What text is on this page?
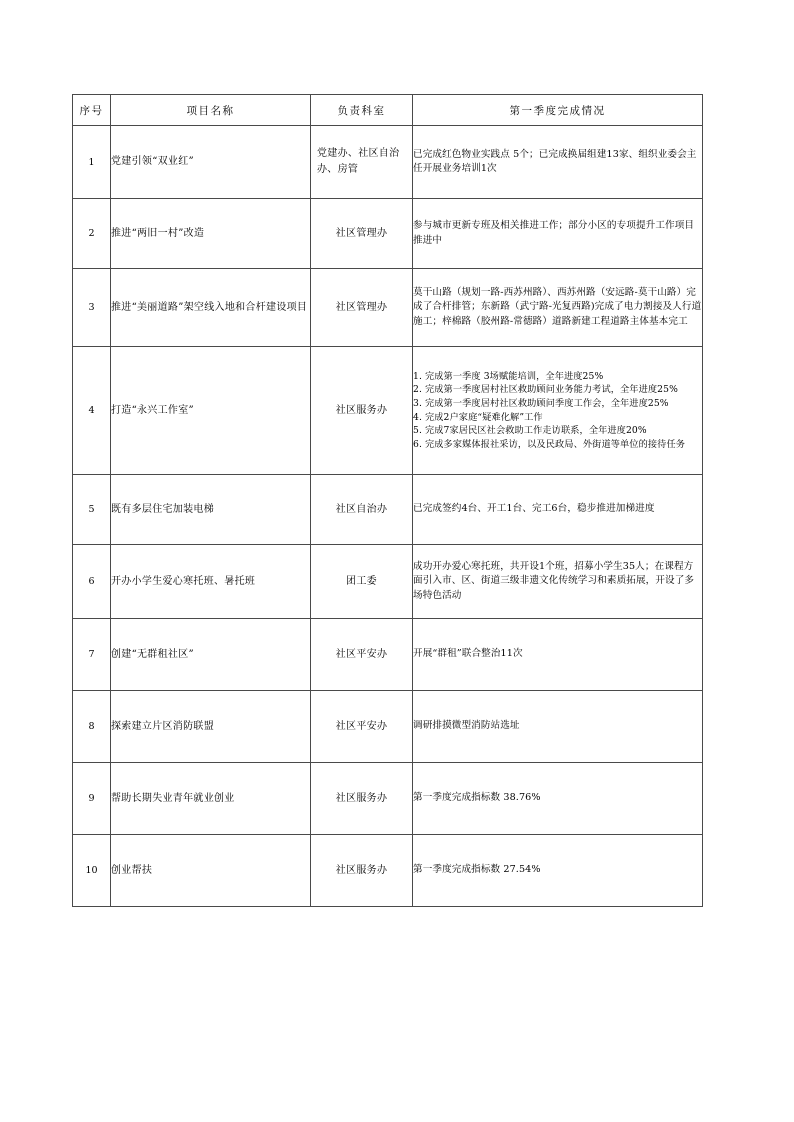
序号	项目名称	负责科室	第一季度完成情况
1	党建引领“双业红”	党建办、社区自治办、房管	已完成红色物业实践点 5个；已完成换届组建13家、组织业委会主任开展业务培训1次
2	推进“两旧一村”改造	社区管理办	参与城市更新专班及相关推进工作；部分小区的专项提升工作项目推进中
3	推进“美丽道路”架空线入地和合杆建设项目	社区管理办	莫干山路（规划一路-西苏州路）、西苏州路（安远路-莫干山路）完成了合杆排管；东新路（武宁路-光复西路)完成了电力割接及人行道施工；梓棉路（胶州路-常德路）道路新建工程道路主体基本完工
4	打造“永兴工作室”	社区服务办	
1. 完成第一季度 3场赋能培训，全年进度25%
2. 完成第一季度居村社区救助顾问业务能力考试，全年进度25%
3. 完成第一季度居村社区救助顾问季度工作会，全年进度25%
4. 完成2户家庭“疑难化解”工作
5. 完成7家居民区社会救助工作走访联系，全年进度20%
6. 完成多家媒体报社采访，以及民政局、外街道等单位的接待任务

5	既有多层住宅加装电梯	社区自治办	已完成签约4台、开工1台、完工6台，稳步推进加梯进度
6	开办小学生爱心寒托班、暑托班	团工委	成功开办爱心寒托班，共开设1个班，招募小学生35人；在课程方面引入市、区、街道三级非遗文化传统学习和素质拓展，开设了多场特色活动
7	创建“无群租社区”	社区平安办	开展“群租”联合整治11次
8	探索建立片区消防联盟	社区平安办	调研排摸微型消防站选址
9	帮助长期失业青年就业创业	社区服务办	第一季度完成指标数 38.76%
10	创业帮扶	社区服务办	第一季度完成指标数 27.54%
